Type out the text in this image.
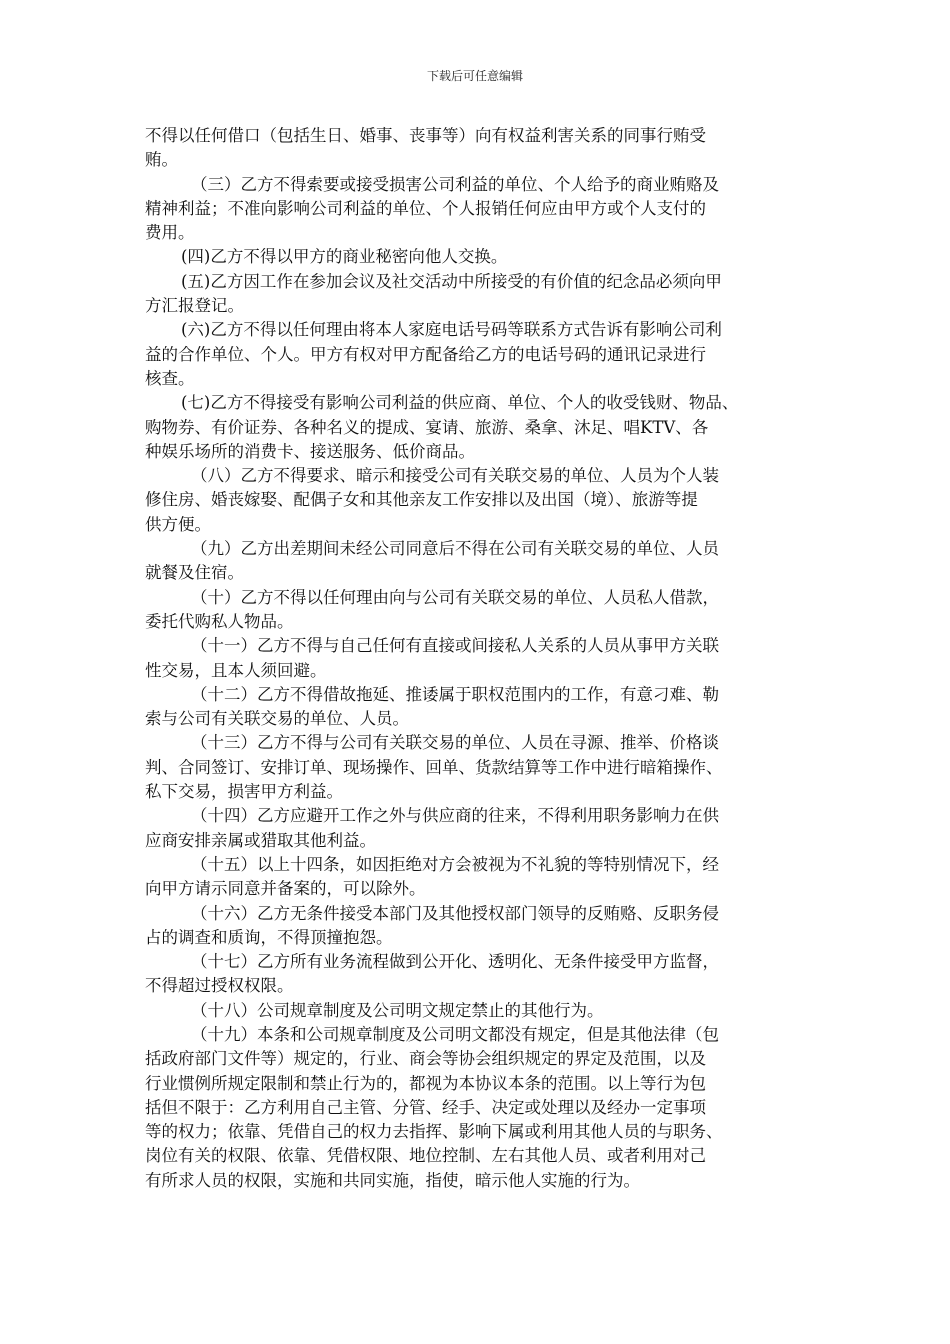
下载后可任意编辑
不得以任何借口（包括生日、婚事、丧事等）向有权益利害关系的同事行贿受
贿。
（三）乙方不得索要或接受损害公司利益的单位、个人给予的商业贿赂及
精神利益；不准向影响公司利益的单位、个人报销任何应由甲方或个人支付的
费用。
(四)乙方不得以甲方的商业秘密向他人交换。
(五)乙方因工作在参加会议及社交活动中所接受的有价值的纪念品必须向甲
方汇报登记。
(六)乙方不得以任何理由将本人家庭电话号码等联系方式告诉有影响公司利
益的合作单位、个人。甲方有权对甲方配备给乙方的电话号码的通讯记录进行
核查。
(七)乙方不得接受有影响公司利益的供应商、单位、个人的收受钱财、物品、
购物券、有价证券、各种名义的提成、宴请、旅游、桑拿、沐足、唱KTV、各
种娱乐场所的消费卡、接送服务、低价商品。
（八）乙方不得要求、暗示和接受公司有关联交易的单位、人员为个人装
修住房、婚丧嫁娶、配偶子女和其他亲友工作安排以及出国（境）、旅游等提
供方便。
（九）乙方出差期间未经公司同意后不得在公司有关联交易的单位、人员
就餐及住宿。
（十）乙方不得以任何理由向与公司有关联交易的单位、人员私人借款，
委托代购私人物品。
（十一）乙方不得与自己任何有直接或间接私人关系的人员从事甲方关联
性交易，且本人须回避。
（十二）乙方不得借故拖延、推诿属于职权范围内的工作，有意刁难、勒
索与公司有关联交易的单位、人员。
（十三）乙方不得与公司有关联交易的单位、人员在寻源、推举、价格谈
判、合同签订、安排订单、现场操作、回单、货款结算等工作中进行暗箱操作、
私下交易，损害甲方利益。
（十四）乙方应避开工作之外与供应商的往来，不得利用职务影响力在供
应商安排亲属或猎取其他利益。
（十五）以上十四条，如因拒绝对方会被视为不礼貌的等特别情况下，经
向甲方请示同意并备案的，可以除外。
（十六）乙方无条件接受本部门及其他授权部门领导的反贿赂、反职务侵
占的调查和质询，不得顶撞抱怨。
（十七）乙方所有业务流程做到公开化、透明化、无条件接受甲方监督，
不得超过授权权限。
（十八）公司规章制度及公司明文规定禁止的其他行为。
（十九）本条和公司规章制度及公司明文都没有规定，但是其他法律（包
括政府部门文件等）规定的，行业、商会等协会组织规定的界定及范围，以及
行业惯例所规定限制和禁止行为的，都视为本协议本条的范围。以上等行为包
括但不限于：乙方利用自己主管、分管、经手、决定或处理以及经办一定事项
等的权力；依靠、凭借自己的权力去指挥、影响下属或利用其他人员的与职务、
岗位有关的权限、依靠、凭借权限、地位控制、左右其他人员、或者利用对己
有所求人员的权限，实施和共同实施，指使，暗示他人实施的行为。
